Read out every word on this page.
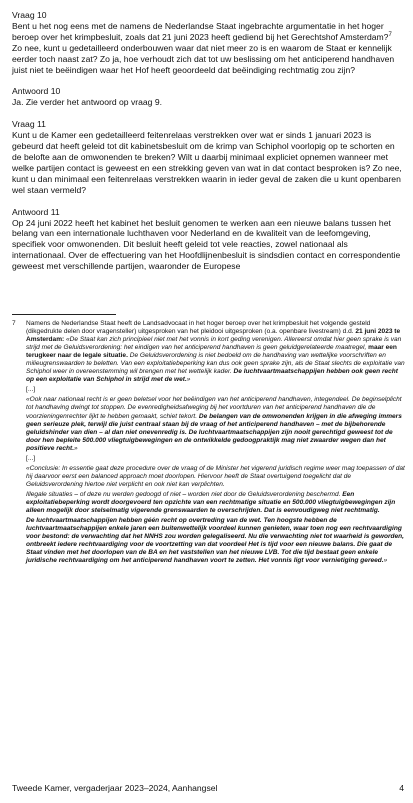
Vraag 10

Bent u het nog eens met de namens de Nederlandse Staat ingebrachte argumentatie in het hoger beroep over het krimpbesluit, zoals dat 21 juni 2023 heeft gediend bij het Gerechtshof Amsterdam?$^7$ Zo nee, kunt u gedetailleerd onderbouwen waar dat niet meer zo is en waarom de Staat er kennelijk eerder toch naast zat? Zo ja, hoe verhoudt zich dat tot uw beslissing om het anticiperend handhaven juist niet te beëindigen waar het Hof heeft geoordeeld dat beëindiging rechtmatig zou zijn?

Antwoord 10

Ja. Zie verder het antwoord op vraag 9.

Vraag 11

Kunt u de Kamer een gedetailleerd feitenrelaas verstrekken over wat er sinds 1 januari 2023 is gebeurd dat heeft geleid tot dit kabinetsbesluit om de krimp van Schiphol voorlopig op te schorten en de belofte aan de omwonenden te breken? Wilt u daarbij minimaal expliciet opnemen wanneer met welke partijen contact is geweest en een strekking geven van wat in dat contact besproken is? Zo nee, kunt u dan minimaal een feitenrelaas verstrekken waarin in ieder geval de zaken die u kunt openbaren wel staan vermeld?

Antwoord 11

Op 24 juni 2022 heeft het kabinet het besluit genomen te werken aan een nieuwe balans tussen het belang van een internationale luchthaven voor Nederland en de kwaliteit van de leefomgeving, specifiek voor omwonenden. Dit besluit heeft geleid tot vele reacties, zowel nationaal als internationaal. Over de effectuering van het Hoofdlijnenbesluit is sindsdien contact en correspondentie geweest met verschillende partijen, waaronder de Europese

7	Namens de Nederlandse Staat heeft de Landsadvocaat in het hoger beroep over het krimpbesluit het volgende gesteld (dikgedrukte delen door vragensteller) uitgesproken van het pleidooi uitgesproken (o.a. openbare livestream) d.d. 21 juni 2023 te Amsterdam: «De Staat kan zich principieel niet met het vonnis in kort geding verenigen. Allereerst omdat hier geen sprake is van strijd met de Geluidsverordening: het eindigen van het anticiperend handhaven is geen geluidgerelateerde maatregel, maar een terugkeer naar de legale situatie. De Geluidsverordening is niet bedoeld om de handhaving van wettelijke voorschriften en milieugrenswaarden te beletten. Van een exploitatiebeperking kan dus ook geen sprake zijn, als de Staat slechts de exploitatie van Schiphol weer in overeenstemming wil brengen met het wettelijk kader. De luchtvaartmaatschappijen hebben ook geen recht op een exploitatie van Schiphol in strijd met de wet.»

[...]

«Ook naar nationaal recht is er geen beletsel voor het beëindigen van het anticiperend handhaven, integendeel. De beginselplicht tot handhaving dwingt tot stoppen. De evenredigheidsafweging bij het voortduren van het anticiperend handhaven die de voorzieningenrechter lijkt te hebben gemaakt, schiet tekort. De belangen van de omwonenden krijgen in die afweging immers geen serieuze plek, terwijl die juist centraal staan bij de vraag of het anticiperend handhaven – met de bijbehorende geluidshinder van dien – al dan niet onevenredig is. De luchtvaartmaatschappijen zijn nooit gerechtigd geweest tot de door hen bepleite 500.000 vliegtuigbewegingen en de ontwikkelde gedoogpraktijk mag niet zwaarder wegen dan het positieve recht.»

[...]

«Conclusie: In essentie gaat deze procedure over de vraag of de Minister het vigerend juridisch regime weer mag toepassen of dat hij daarvoor eerst een balanced approach moet doorlopen. Hiervoor heeft de Staat overtuigend toegelicht dat de Geluidsverordening hiertoe niet verplicht en ook niet kan verplichten.

Illegale situaties – of deze nu werden gedoogd of niet – worden niet door de Geluidsverordening beschermd. Een exploitatiebeperking wordt doorgevoerd ten opzichte van een rechtmatige situatie en 500.000 vliegtuigbewegingen zijn alleen mogelijk door stelselmatig vigerende grenswaarden te overschrijden. Dat is eenvoudigweg niet rechtmatig.

De luchtvaartmaatschappijen hebben géén recht op overtreding van de wet. Ten hoogste hebben de luchtvaartmaatschappijen enkele jaren een buitenwettelijk voordeel kunnen genieten, waar toen nog een rechtvaardiging voor bestond: de verwachting dat het NNHS zou worden gelegaliseerd. Nu die verwachting niet tot waarheid is geworden, ontbreekt iedere rechtvaardiging voor de voortzetting van dat voordeel Het is tijd voor een nieuwe balans. Die gaat de Staat vinden met het doorlopen van de BA en het vaststellen van het nieuwe LVB. Tot die tijd bestaat geen enkele juridische rechtvaardiging om het anticiperend handhaven voort te zetten. Het vonnis ligt voor vernietiging gereed.»

Tweede Kamer, vergaderjaar 2023–2024, Aanhangsel	4
